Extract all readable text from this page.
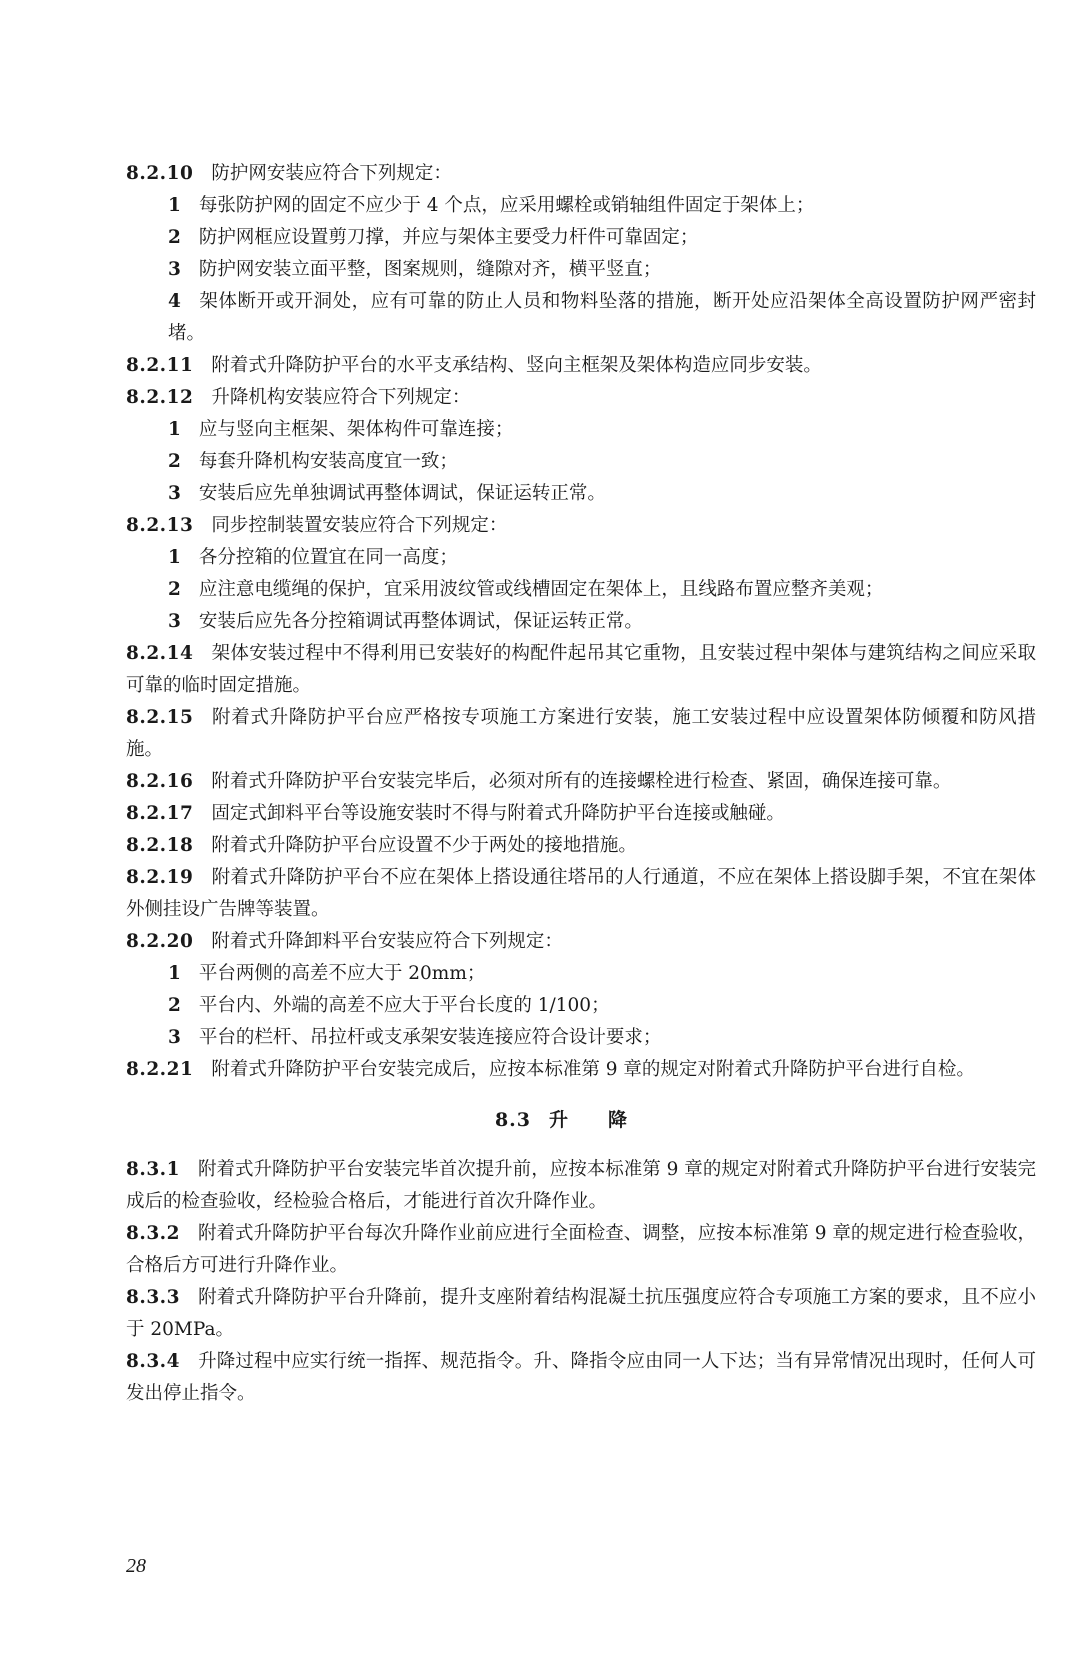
8.2.10 防护网安装应符合下列规定：

1 每张防护网的固定不应少于 4 个点，应采用螺栓或销轴组件固定于架体上；

2 防护网框应设置剪刀撑，并应与架体主要受力杆件可靠固定；

3 防护网安装立面平整，图案规则，缝隙对齐，横平竖直；

4 架体断开或开洞处，应有可靠的防止人员和物料坠落的措施，断开处应沿架体全高设置防护网严密封堵。

8.2.11 附着式升降防护平台的水平支承结构、竖向主框架及架体构造应同步安装。

8.2.12 升降机构安装应符合下列规定：

1 应与竖向主框架、架体构件可靠连接；

2 每套升降机构安装高度宜一致；

3 安装后应先单独调试再整体调试，保证运转正常。

8.2.13 同步控制装置安装应符合下列规定：

1 各分控箱的位置宜在同一高度；

2 应注意电缆绳的保护，宜采用波纹管或线槽固定在架体上，且线路布置应整齐美观；

3 安装后应先各分控箱调试再整体调试，保证运转正常。

8.2.14 架体安装过程中不得利用已安装好的构配件起吊其它重物，且安装过程中架体与建筑结构之间应采取可靠的临时固定措施。

8.2.15 附着式升降防护平台应严格按专项施工方案进行安装，施工安装过程中应设置架体防倾覆和防风措施。

8.2.16 附着式升降防护平台安装完毕后，必须对所有的连接螺栓进行检查、紧固，确保连接可靠。

8.2.17 固定式卸料平台等设施安装时不得与附着式升降防护平台连接或触碰。

8.2.18 附着式升降防护平台应设置不少于两处的接地措施。

8.2.19 附着式升降防护平台不应在架体上搭设通往塔吊的人行通道，不应在架体上搭设脚手架，不宜在架体外侧挂设广告牌等装置。

8.2.20 附着式升降卸料平台安装应符合下列规定：

1 平台两侧的高差不应大于 20mm；

2 平台内、外端的高差不应大于平台长度的 1/100；

3 平台的栏杆、吊拉杆或支承架安装连接应符合设计要求；

8.2.21 附着式升降防护平台安装完成后，应按本标准第 9 章的规定对附着式升降防护平台进行自检。

8.3 升降

8.3.1 附着式升降防护平台安装完毕首次提升前，应按本标准第 9 章的规定对附着式升降防护平台进行安装完成后的检查验收，经检验合格后，才能进行首次升降作业。

8.3.2 附着式升降防护平台每次升降作业前应进行全面检查、调整，应按本标准第 9 章的规定进行检查验收，合格后方可进行升降作业。

8.3.3 附着式升降防护平台升降前，提升支座附着结构混凝土抗压强度应符合专项施工方案的要求，且不应小于 20MPa。

8.3.4 升降过程中应实行统一指挥、规范指令。升、降指令应由同一人下达；当有异常情况出现时，任何人可发出停止指令。

28
